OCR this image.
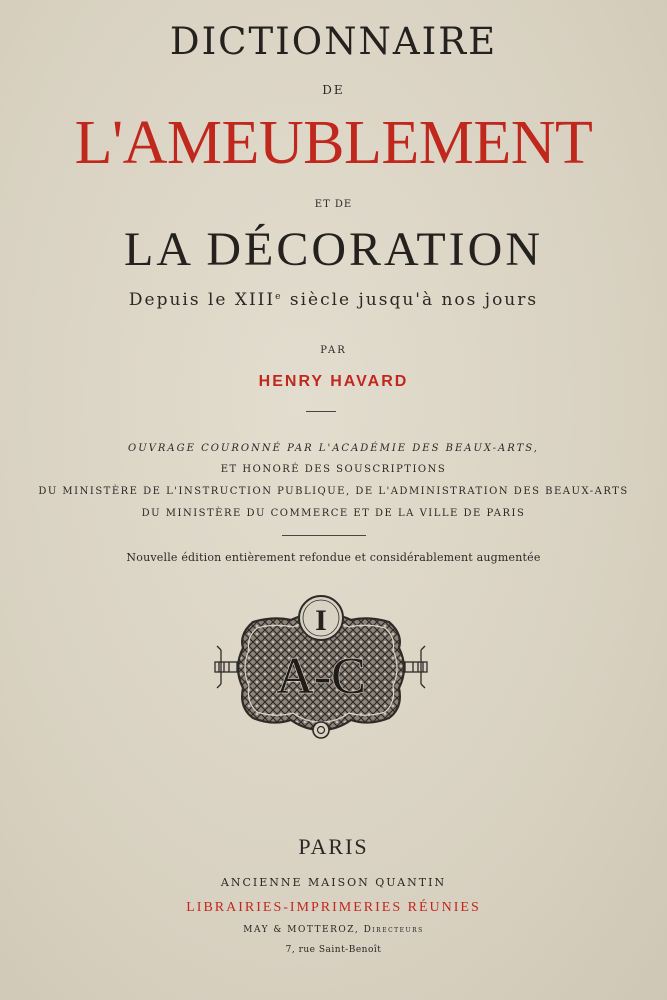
DICTIONNAIRE
DE
L'AMEUBLEMENT
ET DE
LA DÉCORATION
Depuis le XIIIe siècle jusqu'à nos jours
PAR
HENRY HAVARD
OUVRAGE COURONNÉ PAR L'ACADÉMIE DES BEAUX-ARTS,
ET HONORÉ DES SOUSCRIPTIONS
DU MINISTÈRE DE L'INSTRUCTION PUBLIQUE, DE L'ADMINISTRATION DES BEAUX-ARTS
DU MINISTÈRE DU COMMERCE ET DE LA VILLE DE PARIS
Nouvelle édition entièrement refondue et considérablement augmentée
I
A-C
PARIS
ANCIENNE MAISON QUANTIN
LIBRAIRIES-IMPRIMERIES RÉUNIES
MAY & MOTTEROZ, Directeurs
7, rue Saint-Benoît
